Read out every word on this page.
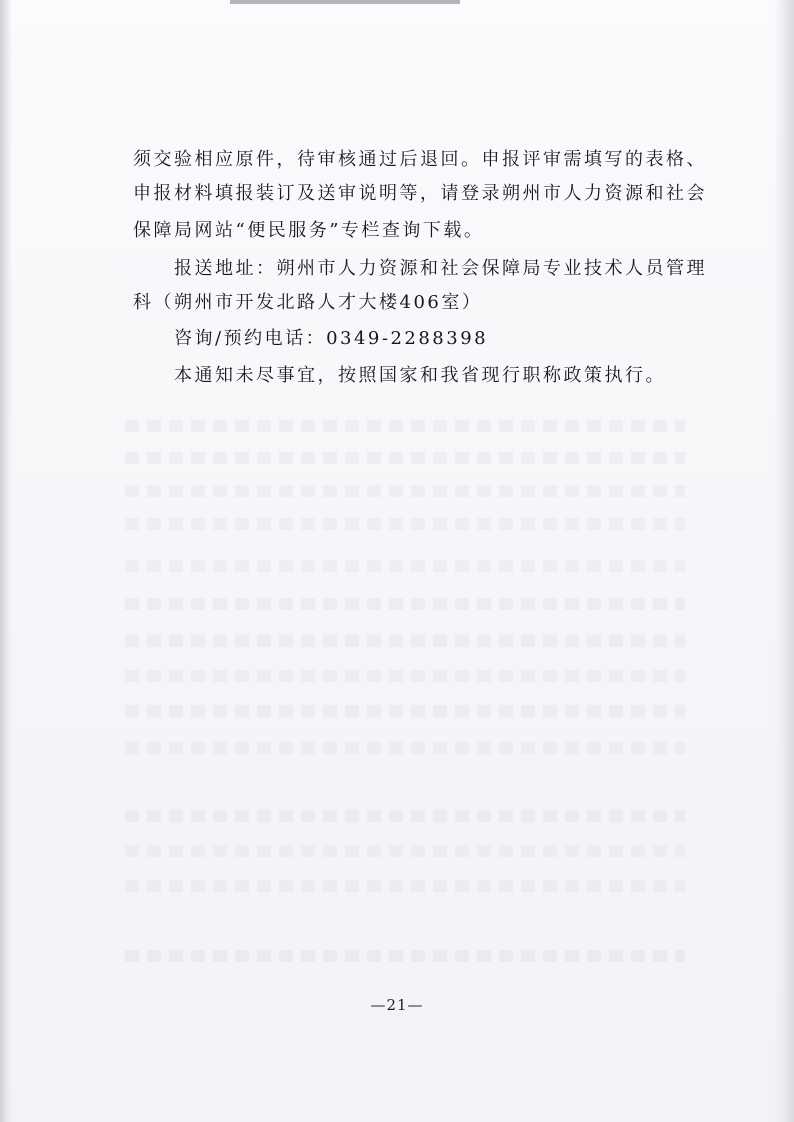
须交验相应原件，待审核通过后退回。申报评审需填写的表格、
申报材料填报装订及送审说明等，请登录朔州市人力资源和社会
保障局网站“便民服务”专栏查询下载。
报送地址：朔州市人力资源和社会保障局专业技术人员管理
科（朔州市开发北路人才大楼406室）
咨询/预约电话：0349-2288398
本通知未尽事宜，按照国家和我省现行职称政策执行。
—21—
